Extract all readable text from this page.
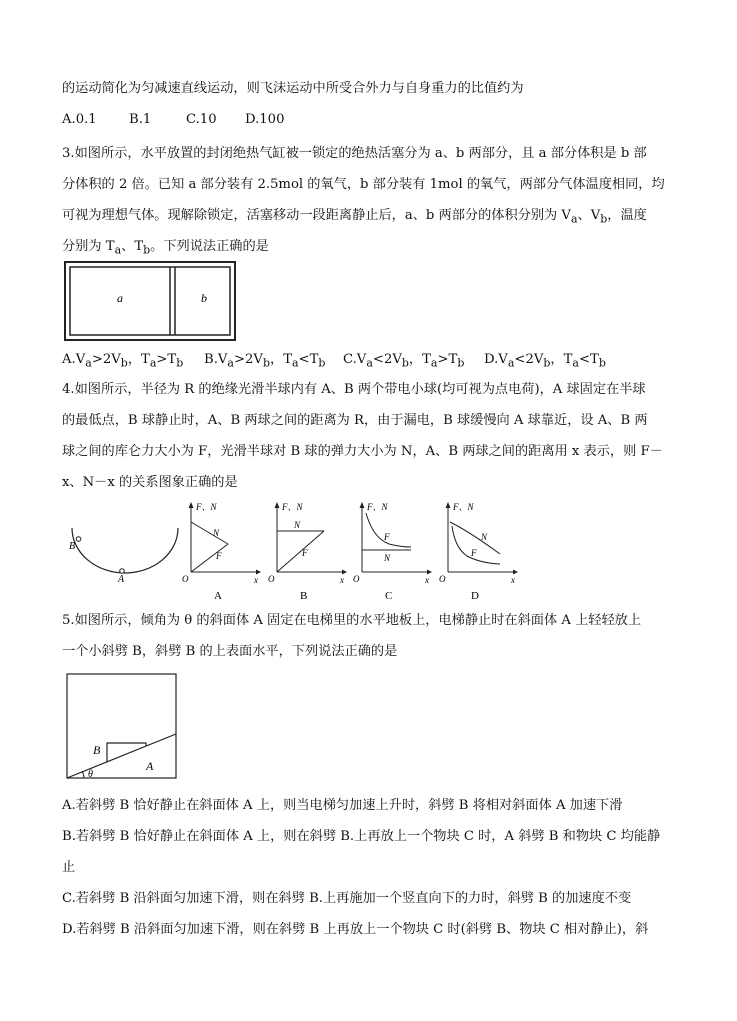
的运动简化为匀减速直线运动，则飞沫运动中所受合外力与自身重力的比值约为
A.0.1 B.1	C.10 D.100
3.如图所示，水平放置的封闭绝热气缸被一锁定的绝热活塞分为 a、b 两部分，且 a 部分体积是 b 部
分体积的 2 倍。已知 a 部分装有 2.5mol 的氧气，b 部分装有 1mol 的氧气，两部分气体温度相同，均
可视为理想气体。现解除锁定，活塞移动一段距离静止后，a、b 两部分的体积分别为 $V_a$、$V_b$，温度
分别为 $T_a$、$T_b$。下列说法正确的是
a	b
$A.V_a>2V_b$，$T_a>T_b$ $B.V_a>2V_b$，$T_a<T_b$ $C.V_a<2V_b$，$T_a>T_b$ $D.V_a<2V_b$，$T_a<T_b$
4.如图所示，半径为 R 的绝缘光滑半球内有 A、B 两个带电小球(均可视为点电荷)，A 球固定在半球
的最低点，B 球静止时，A、B 两球之间的距离为 R，由于漏电，B 球缓慢向 A 球靠近，设 A、B 两
球之间的库仑力大小为 F，光滑半球对 B 球的弹力大小为 N，A、B 两球之间的距离用 x 表示，则 F－
x、N－x 的关系图象正确的是
B
A
F、N
x
O
N
F
A
F、N
x
O
N
F
B
F、N
x
O
F
N
C
F、N
x
O
N
F
D
5.如图所示，倾角为 θ 的斜面体 A 固定在电梯里的水平地板上，电梯静止时在斜面体 A 上轻轻放上
一个小斜劈 B，斜劈 B 的上表面水平，下列说法正确的是
B
A
θ
A.若斜劈 B 恰好静止在斜面体 A 上，则当电梯匀加速上升时，斜劈 B 将相对斜面体 A 加速下滑
B.若斜劈 B 恰好静止在斜面体 A 上，则在斜劈 B.上再放上一个物块 C 时，A 斜劈 B 和物块 C 均能静
止
C.若斜劈 B 沿斜面匀加速下滑，则在斜劈 B.上再施加一个竖直向下的力时，斜劈 B 的加速度不变
D.若斜劈 B 沿斜面匀加速下滑，则在斜劈 B 上再放上一个物块 C 时(斜劈 B、物块 C 相对静止)，斜
